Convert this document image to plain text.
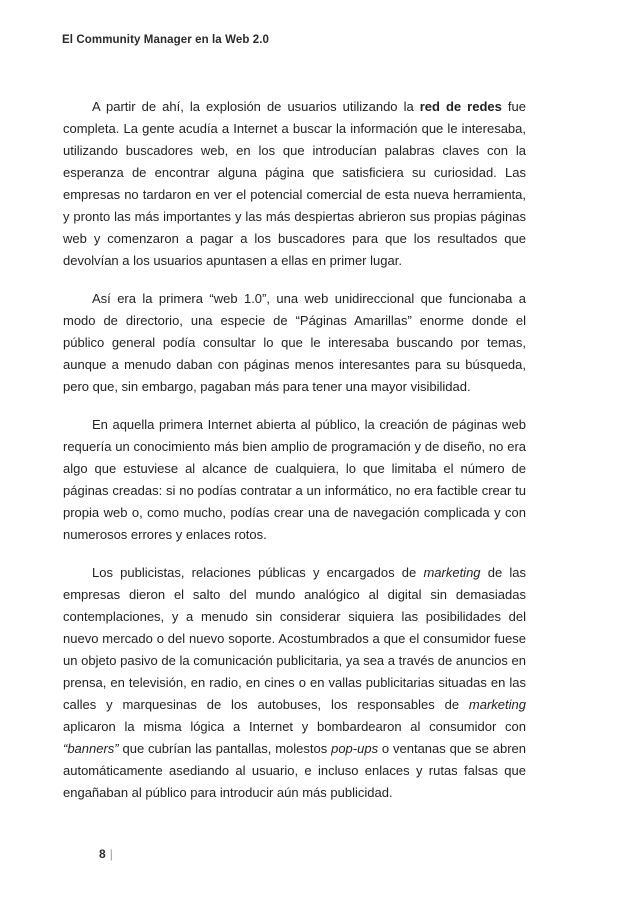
El Community Manager en la Web 2.0

A partir de ahí, la explosión de usuarios utilizando la red de redes fue completa. La gente acudía a Internet a buscar la información que le interesaba, utilizando buscadores web, en los que introducían palabras claves con la esperanza de encontrar alguna página que satisficiera su curiosidad. Las empresas no tardaron en ver el potencial comercial de esta nueva herramienta, y pronto las más importantes y las más despiertas abrieron sus propias páginas web y comenzaron a pagar a los buscadores para que los resultados que devolvían a los usuarios apuntasen a ellas en primer lugar.

Así era la primera “web 1.0”, una web unidireccional que funcionaba a modo de directorio, una especie de “Páginas Amarillas” enorme donde el público general podía consultar lo que le interesaba buscando por temas, aunque a menudo daban con páginas menos interesantes para su búsqueda, pero que, sin embargo, pagaban más para tener una mayor visibilidad.

En aquella primera Internet abierta al público, la creación de páginas web requería un conocimiento más bien amplio de programación y de diseño, no era algo que estuviese al alcance de cualquiera, lo que limitaba el número de páginas creadas: si no podías contratar a un informático, no era factible crear tu propia web o, como mucho, podías crear una de navegación complicada y con numerosos errores y enlaces rotos.

Los publicistas, relaciones públicas y encargados de marketing de las empresas dieron el salto del mundo analógico al digital sin demasiadas contemplaciones, y a menudo sin considerar siquiera las posibilidades del nuevo mercado o del nuevo soporte. Acostumbrados a que el consumidor fuese un objeto pasivo de la comunicación publicitaria, ya sea a través de anuncios en prensa, en televisión, en radio, en cines o en vallas publicitarias situadas en las calles y marquesinas de los autobuses, los responsables de marketing aplicaron la misma lógica a Internet y bombardearon al consumidor con “banners” que cubrían las pantallas, molestos pop-ups o ventanas que se abren automáticamente asediando al usuario, e incluso enlaces y rutas falsas que engañaban al público para introducir aún más publicidad.

8 |
